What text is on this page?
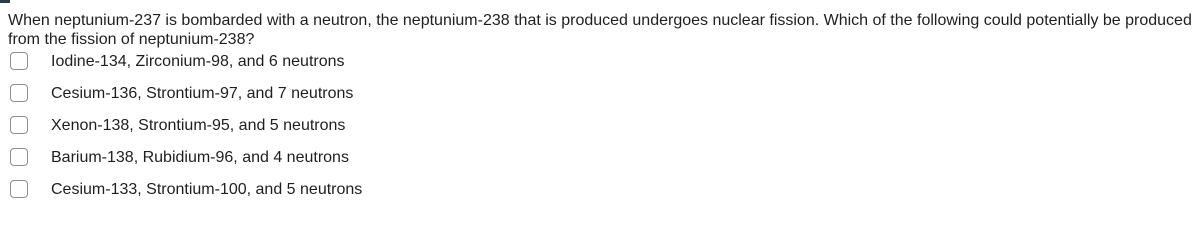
When neptunium-237 is bombarded with a neutron, the neptunium-238 that is produced undergoes nuclear fission. Which of the following could potentially be produced from the fission of neptunium-238?

Iodine-134, Zirconium-98, and 6 neutrons
Cesium-136, Strontium-97, and 7 neutrons
Xenon-138, Strontium-95, and 5 neutrons
Barium-138, Rubidium-96, and 4 neutrons
Cesium-133, Strontium-100, and 5 neutrons
